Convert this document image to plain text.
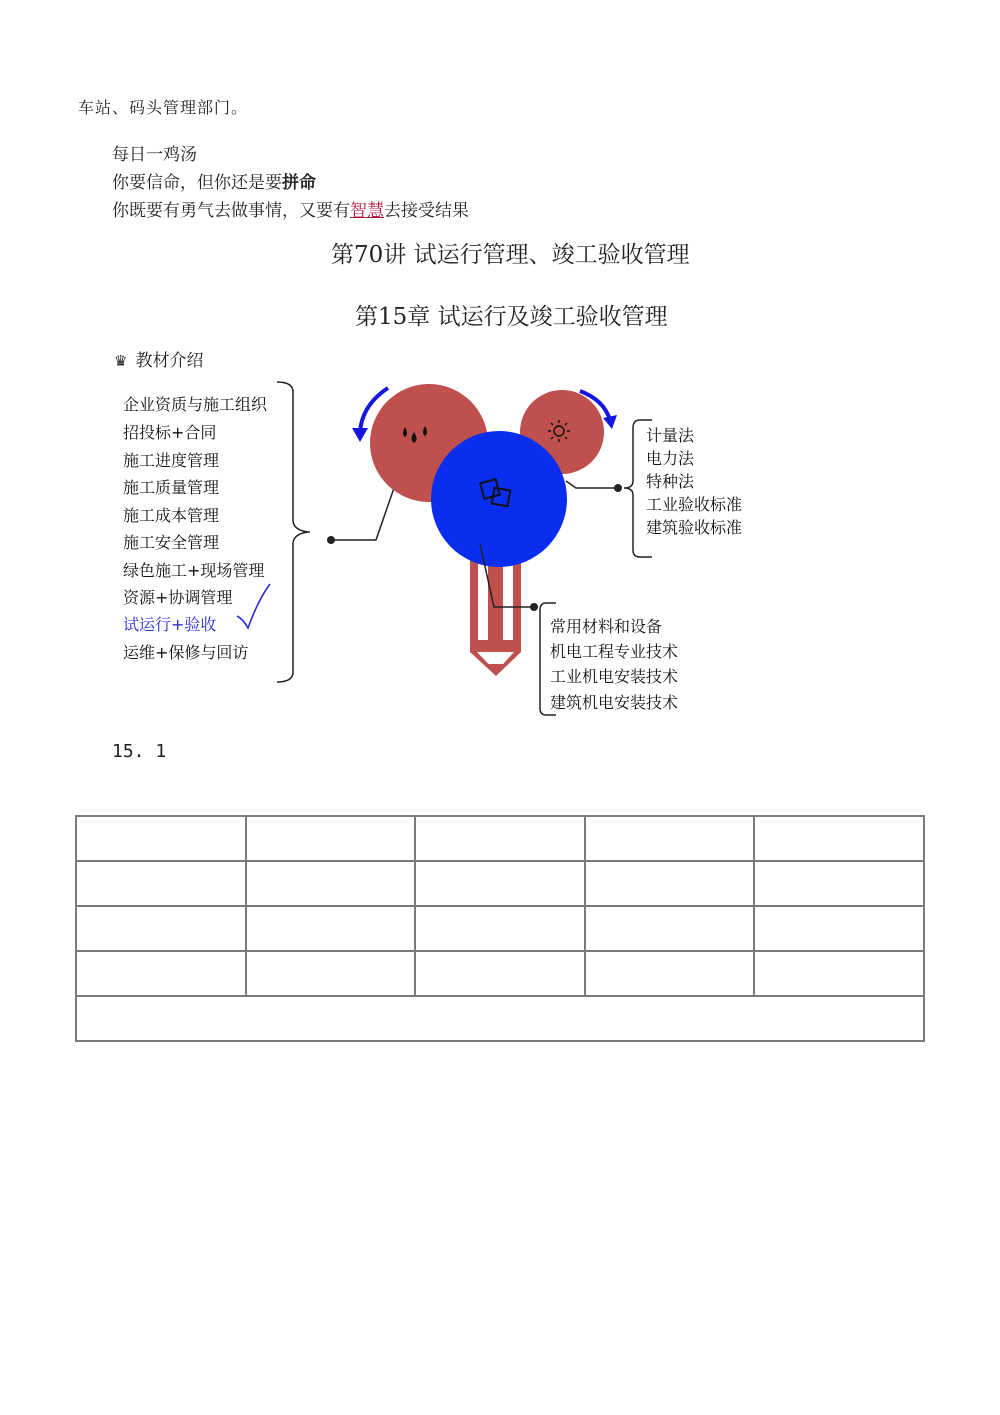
车站、码头管理部门。
每日一鸡汤
你要信命，但你还是要拼命
你既要有勇气去做事情，又要有智慧去接受结果
第70讲 试运行管理、竣工验收管理
第15章 试运行及竣工验收管理
♛ 教材介绍
企业资质与施工组织
招投标+合同
施工进度管理
施工质量管理
施工成本管理
施工安全管理
绿色施工+现场管理
资源+协调管理
试运行+验收
运维+保修与回访
计量法
电力法
特种法
工业验收标准
建筑验收标准
常用材料和设备
机电工程专业技术
工业机电安装技术
建筑机电安装技术
15. 1
